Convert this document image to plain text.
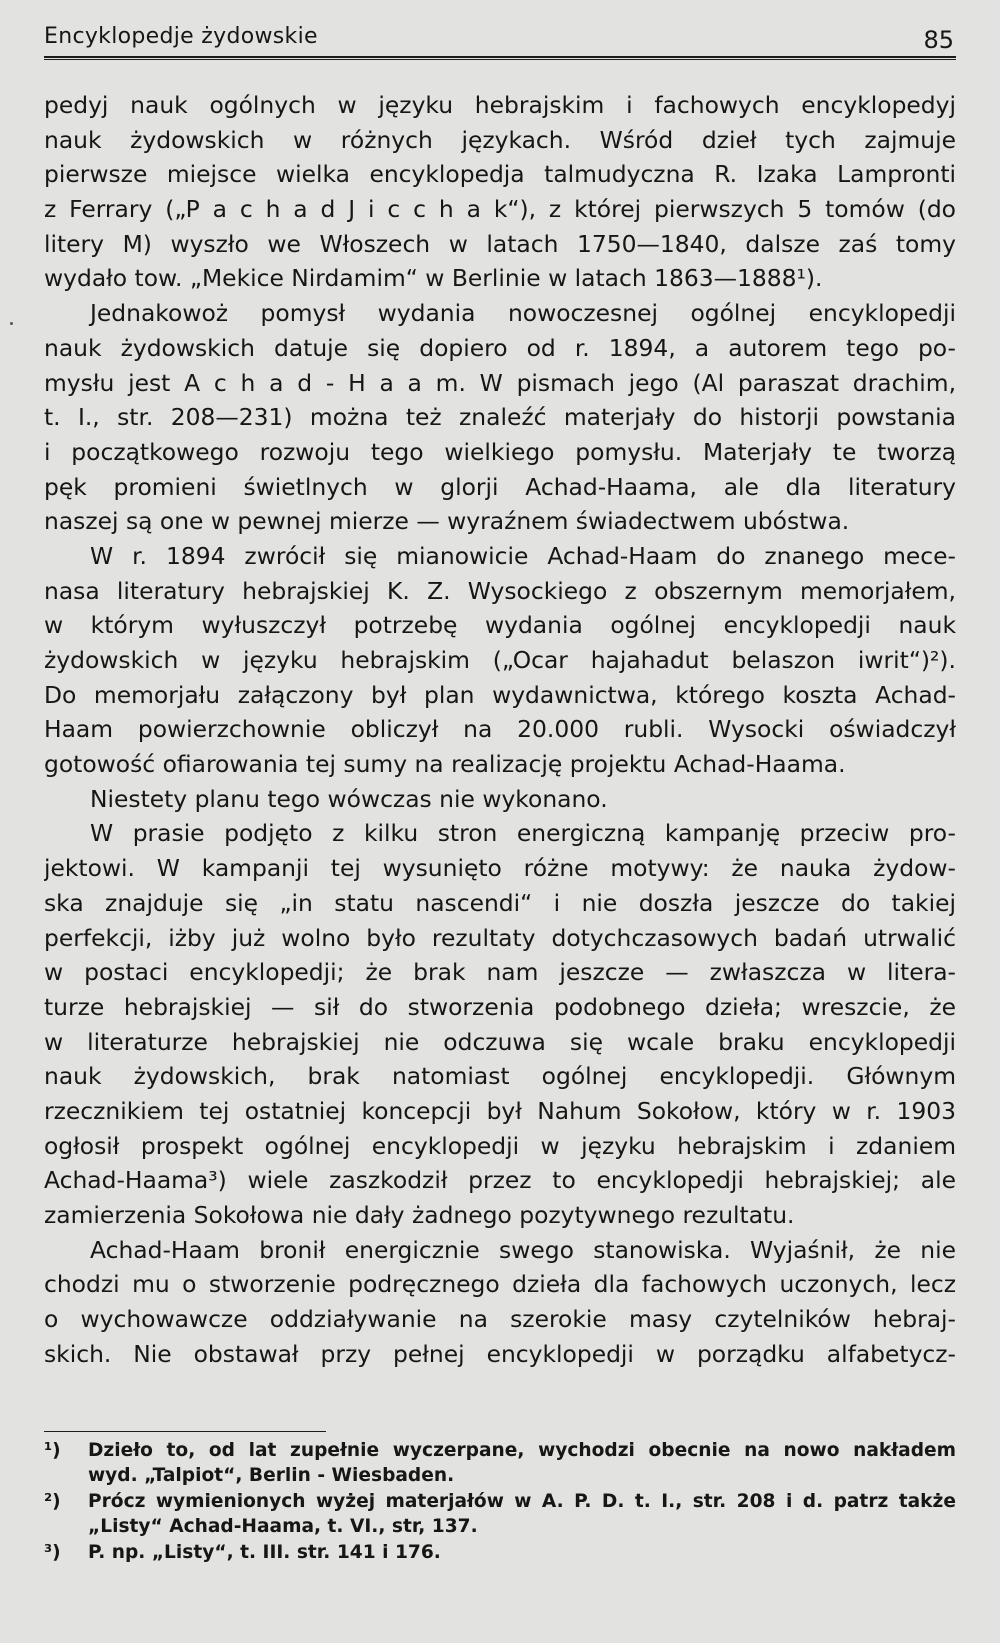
Encyklopedje żydowskie	85
pedyj nauk ogólnych w języku hebrajskim i fachowych encyklopedyj
nauk żydowskich w różnych językach. Wśród dzieł tych zajmuje
pierwsze miejsce wielka encyklopedja talmudyczna R. Izaka Lampronti
z Ferrary („P a c h a d J i c c h a k“), z której pierwszych 5 tomów (do
litery M) wyszło we Włoszech w latach 1750—1840, dalsze zaś tomy
wydało tow. „Mekice Nirdamim“ w Berlinie w latach 1863—1888¹).
Jednakowoż pomysł wydania nowoczesnej ogólnej encyklopedji
nauk żydowskich datuje się dopiero od r. 1894, a autorem tego po-
mysłu jest A c h a d - H a a m. W pismach jego (Al paraszat drachim,
t. I., str. 208—231) można też znaleźć materjały do historji powstania
i początkowego rozwoju tego wielkiego pomysłu. Materjały te tworzą
pęk promieni świetlnych w glorji Achad-Haama, ale dla literatury
naszej są one w pewnej mierze — wyraźnem świadectwem ubóstwa.
W r. 1894 zwrócił się mianowicie Achad-Haam do znanego mece-
nasa literatury hebrajskiej K. Z. Wysockiego z obszernym memorjałem,
w którym wyłuszczył potrzebę wydania ogólnej encyklopedji nauk
żydowskich w języku hebrajskim („Ocar hajahadut belaszon iwrit“)²).
Do memorjału załączony był plan wydawnictwa, którego koszta Achad-
Haam powierzchownie obliczył na 20.000 rubli. Wysocki oświadczył
gotowość ofiarowania tej sumy na realizację projektu Achad-Haama.
Niestety planu tego wówczas nie wykonano.
W prasie podjęto z kilku stron energiczną kampanję przeciw pro-
jektowi. W kampanji tej wysunięto różne motywy: że nauka żydow-
ska znajduje się „in statu nascendi“ i nie doszła jeszcze do takiej
perfekcji, iżby już wolno było rezultaty dotychczasowych badań utrwalić
w postaci encyklopedji; że brak nam jeszcze — zwłaszcza w litera-
turze hebrajskiej — sił do stworzenia podobnego dzieła; wreszcie, że
w literaturze hebrajskiej nie odczuwa się wcale braku encyklopedji
nauk żydowskich, brak natomiast ogólnej encyklopedji. Głównym
rzecznikiem tej ostatniej koncepcji był Nahum Sokołow, który w r. 1903
ogłosił prospekt ogólnej encyklopedji w języku hebrajskim i zdaniem
Achad-Haama³) wiele zaszkodził przez to encyklopedji hebrajskiej; ale
zamierzenia Sokołowa nie dały żadnego pozytywnego rezultatu.
Achad-Haam bronił energicznie swego stanowiska. Wyjaśnił, że nie
chodzi mu o stworzenie podręcznego dzieła dla fachowych uczonych, lecz
o wychowawcze oddziaływanie na szerokie masy czytelników hebraj-
skich. Nie obstawał przy pełnej encyklopedji w porządku alfabetycz-
¹)	Dzieło to, od lat zupełnie wyczerpane, wychodzi obecnie na nowo nakładem
wyd. „Talpiot“, Berlin - Wiesbaden.
²)	Prócz wymienionych wyżej materjałów w A. P. D. t. I., str. 208 i d. patrz także
„Listy“ Achad-Haama, t. VI., str, 137.
³)	P. np. „Listy“, t. III. str. 141 i 176.
